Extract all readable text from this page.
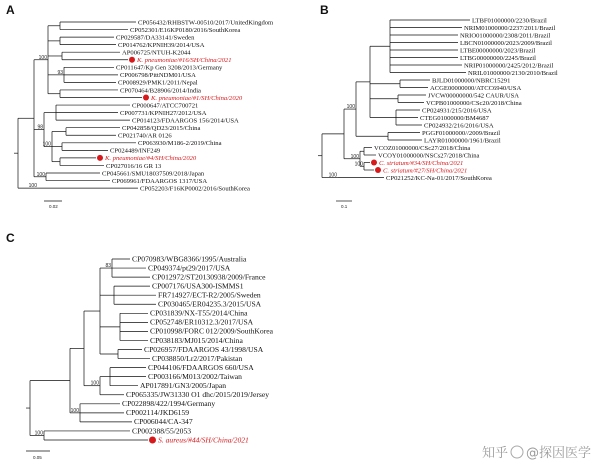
A
100
CP056432/RHBSTW-00510/2017/UnitedKingdom
CP052301/E16KP0180/2016/SouthKorea
CP029587/DA33141/Sweden
CP014762/KPNIH39/2014/USA
AP006725/NTUH-K2044
K. pneumoniae/#16/SH/China/2021
93
CP011647/Kp Gen 3208/2013/Germany
CP006798/PittNDM01/USA
CP008929/PMK1/2011/Nepal
CP070464/B28906/2014/India
K. pneumoniae/#1/SH/China/2020
98
CP000647/ATCC700721
CP007731/KPNIH27/2012/USA
CP014123/FDAARGOS 156/2014/USA
100
CP042858/QD23/2015/China
CP021740/AR 0126
CP063930/M186-2/2019/China
CP024489/INF249
K. pneumoniae/#4/SH/China/2020
CP027016/16 GR 13
100	CP045661/SMU18037509/2018/Japan
CP069961/FDAARGOS 1317/USA
100	CP052203/F16KP0002/2016/SouthKorea
0.02
B
100
LTBF01000000/2230/Brazil
NRIM01000000/2237/2011/Brazil
NRIO01000000/2308/2011/Brazil
LBCN01000000/2023/2009/Brazil
LTBE00000000/2023/Brazil
LTBG00000000/2245/Brazil
NRIP01000000/2425/2012/Brazil
NRIL01000000/2130/2010/Brazil
BJLD01000000/NBRC15291
ACGE00000000/ATCC6940/USA
JVCW00000000/542 CAUR/USA
VCPB01000000/CSc20/2018/China
CP024931/215/2016/USA
CTEG01000000/BM4687
CP024932/216/2016/USA
PGGF01000000//2009/Brazil
LAYR01000000/1961/Brazil
100
VCOZ01000000/CSc27/2018/China
VCOY01000000/NSCs27/2018/China
100 C. striatum/#34/SH/China/2021
C. striatum/#27/SH/China/2021
100	CP021252/KC-Na-01/2017/SouthKorea
0.1
C
83
CP070983/WBG8366/1995/Australia
CP049374/pt29/2017/USA
CP012972/ST20130938/2009/France
CP007176/USA300-ISMMS1
FR714927/ECT-R2/2005/Sweden
CP030465/ER04235.3/2015/USA
CP031839/NX-T55/2014/China
CP052748/ER10312.3/2017/USA
CP010998/FORC 012/2009/SouthKorea
CP038183/MJ015/2014/China
CP026957/FDAARGOS 43/1998/USA
CP038850/Lr2/2017/Pakistan
100
CP044106/FDAARGOS 660/USA
CP003166/M013/2002/Taiwan
AP017891/GN3/2005/Japan
CP065335/JW31330 O1 dhc/2015/2019/Jersey
100
CP022898/422/1994/Germany
CP002114/JKD6159
CP006044/CA-347
100	CP002388/55/2053
S. aureus/#44/SH/China/2021
0.05	知乎 @探因医学
